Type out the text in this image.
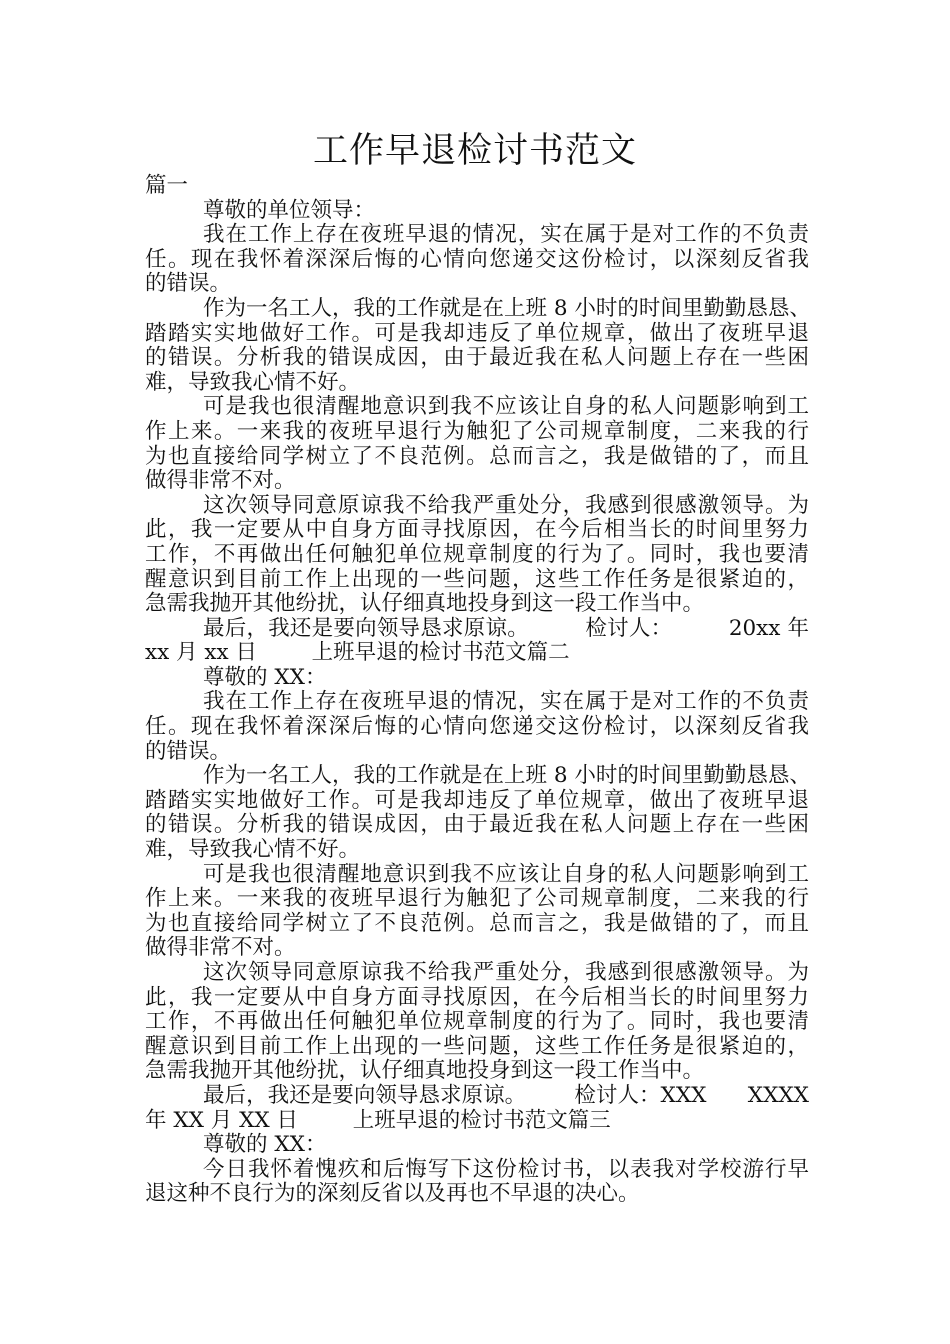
工作早退检讨书范文
篇一
尊敬的单位领导：
我在工作上存在夜班早退的情况，实在属于是对工作的不负责
任。现在我怀着深深后悔的心情向您递交这份检讨，以深刻反省我
的错误。
作为一名工人，我的工作就是在上班 8 小时的时间里勤勤恳恳、
踏踏实实地做好工作。可是我却违反了单位规章，做出了夜班早退
的错误。分析我的错误成因，由于最近我在私人问题上存在一些困
难，导致我心情不好。
可是我也很清醒地意识到我不应该让自身的私人问题影响到工
作上来。一来我的夜班早退行为触犯了公司规章制度，二来我的行
为也直接给同学树立了不良范例。总而言之，我是做错的了，而且
做得非常不对。
这次领导同意原谅我不给我严重处分，我感到很感激领导。为
此，我一定要从中自身方面寻找原因，在今后相当长的时间里努力
工作，不再做出任何触犯单位规章制度的行为了。同时，我也要清
醒意识到目前工作上出现的一些问题，这些工作任务是很紧迫的，
急需我抛开其他纷扰，认仔细真地投身到这一段工作当中。
最后，我还是要向领导恳求原谅。        检讨人：        20xx 年
xx 月 xx 日        上班早退的检讨书范文篇二
尊敬的 XX：
我在工作上存在夜班早退的情况，实在属于是对工作的不负责
任。现在我怀着深深后悔的心情向您递交这份检讨，以深刻反省我
的错误。
作为一名工人，我的工作就是在上班 8 小时的时间里勤勤恳恳、
踏踏实实地做好工作。可是我却违反了单位规章，做出了夜班早退
的错误。分析我的错误成因，由于最近我在私人问题上存在一些困
难，导致我心情不好。
可是我也很清醒地意识到我不应该让自身的私人问题影响到工
作上来。一来我的夜班早退行为触犯了公司规章制度，二来我的行
为也直接给同学树立了不良范例。总而言之，我是做错的了，而且
做得非常不对。
这次领导同意原谅我不给我严重处分，我感到很感激领导。为
此，我一定要从中自身方面寻找原因，在今后相当长的时间里努力
工作，不再做出任何触犯单位规章制度的行为了。同时，我也要清
醒意识到目前工作上出现的一些问题，这些工作任务是很紧迫的，
急需我抛开其他纷扰，认仔细真地投身到这一段工作当中。
最后，我还是要向领导恳求原谅。       检讨人：XXX      XXXX
年 XX 月 XX 日        上班早退的检讨书范文篇三
尊敬的 XX：
今日我怀着愧疚和后悔写下这份检讨书，以表我对学校游行早
退这种不良行为的深刻反省以及再也不早退的决心。
